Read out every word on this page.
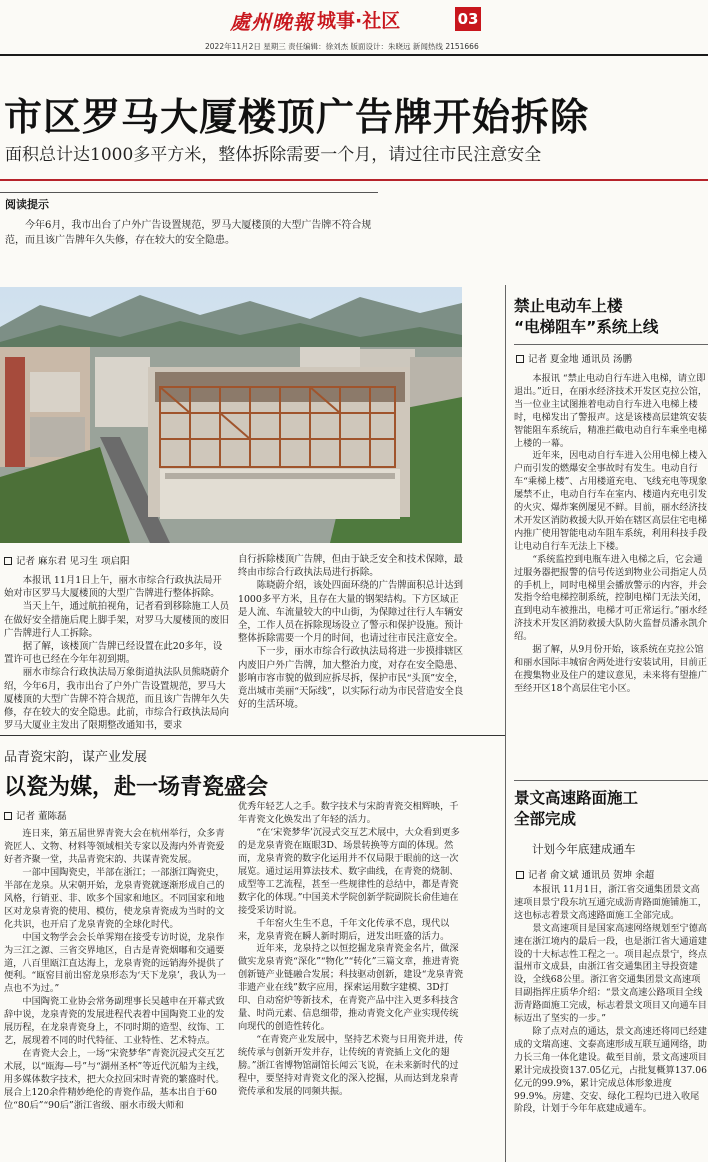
處州晚報 城事·社区	03
2022年11月2日 星期三 责任编辑：徐刘杰 版面设计：朱晓远 新闻热线 2151666
市区罗马大厦楼顶广告牌开始拆除
面积总计达1000多平方米，整体拆除需要一个月，请过往市民注意安全
阅读提示
今年6月，我市出台了户外广告设置规范，罗马大厦楼顶的大型广告牌不符合规范，而且该广告牌年久失修，存在较大的安全隐患。
记者 麻东君 见习生 项启阳

本报讯 11月1日上午，丽水市综合行政执法局开始对市区罗马大厦楼顶的大型广告牌进行整体拆除。

当天上午，通过航拍视角，记者看到移除施工人员在做好安全措施后爬上脚手架，对罗马大厦楼顶的废旧广告牌进行人工拆除。

据了解，该楼顶广告牌已经设置在此20多年，设置许可也已经在今年年初到期。

丽水市综合行政执法局万象街道执法队员熊晓蔚介绍，今年6月，我市出台了户外广告设置规范，罗马大厦楼顶的大型广告牌不符合规范，而且该广告牌年久失修，存在较大的安全隐患。此前，市综合行政执法局向罗马大厦业主发出了限期整改通知书，要求

自行拆除楼顶广告牌，但由于缺乏安全和技术保障，最终由市综合行政执法局进行拆除。

陈晓蔚介绍，该处四面环绕的广告牌面积总计达到1000多平方米，且存在大量的钢架结构。下方区域正是人流、车流量较大的中山街，为保障过往行人车辆安全，工作人员在拆除现场设立了警示和保护设施。预计整体拆除需要一个月的时间，也请过往市民注意安全。

下一步，丽水市综合行政执法局将进一步摸排辖区内废旧户外广告牌，加大整治力度，对存在安全隐患、影响市容市貌的做到应拆尽拆，保护市民“头顶”安全，竟出城市美丽“天际线”，以实际行动为市民营造安全良好的生活环境。

禁止电动车上楼
“电梯阻车”系统上线
记者 夏金地 通讯员 汤鹏

本报讯 “禁止电动自行车进入电梯，请立即退出。”近日，在丽水经济技术开发区克拉公馆，当一位业主试图推着电动自行车进入电梯上楼时，电梯发出了警报声。这是该楼高层建筑安装智能阻车系统后，精准拦截电动自行车乘坐电梯上楼的一幕。

近年来，因电动自行车进入公用电梯上楼入户而引发的燃爆安全事故时有发生。电动自行车“乘梯上楼”、占用楼道充电、飞线充电等现象屡禁不止，电动自行车在室内、楼道内充电引发的火灾、爆炸案例屡见不鲜。目前，丽水经济技术开发区消防救援大队开始在辖区高层住宅电梯内推广使用智能电动车阻车系统，利用科技手段让电动自行车无法上下楼。

“系统监控到电瓶车进入电梯之后，它会通过服务器把报警的信号传送到物业公司指定人员的手机上，同时电梯里会播放警示的内容，并会发指令给电梯控制系统，控制电梯门无法关闭，直到电动车被推出，电梯才可正常运行。”丽水经济技术开发区消防救援大队防火监督员潘永凯介绍。

据了解，从9月份开始，该系统在克拉公馆和丽水国际丰城宿舍两处进行安装试用，目前正在搜集物业及住户的建议意见，未来将有望推广至经开区18个高层住宅小区。

景文高速路面施工
全部完成
计划今年底建成通车
记者 俞文斌 通讯员 贺坤 余超

本报讯 11月1日，浙江省交通集团景文高速项目景宁段东坑互通完成沥青路面施铺施工，这也标志着景文高速路面施工全部完成。

景文高速项目是国家高速网络规划至宁德高速在浙江境内的最后一段，也是浙江省大通道建设的十大标志性工程之一。项目起点景宁，终点温州市文成县，由浙江省交通集团主导投资建设，全线68公里。浙江省交通集团景文高速项目副指挥庄质华介绍：“景文高速公路项目全线沥青路面施工完成，标志着景文项目又向通车目标迈出了坚实的一步。”

除了点对点的通达，景文高速还将同已经建成的文瑞高速、文泰高速形成互联互通网络，助力长三角一体化建设。截至目前，景文高速项目累计完成投资137.05亿元，占批复概算137.06亿元的99.9%，累计完成总体形象进度99.9%。房建、交安、绿化工程均已进入收尾阶段，计划于今年年底建成通车。

品青瓷宋韵，谋产业发展
以瓷为媒，赴一场青瓷盛会
记者 董陈磊

连日来，第五届世界青瓷大会在杭州举行，众多青瓷匠人、文物、材料等领域相关专家以及海内外青瓷爱好者齐聚一堂，共品青瓷宋韵、共谋青瓷发展。

一部中国陶瓷史，半部在浙江；一部浙江陶瓷史，半部在龙泉。从宋朝开始，龙泉青瓷就逐渐形成自己的风格，行销亚、非、欧多个国家和地区。不同国家和地区对龙泉青瓷的使用、模仿，使龙泉青瓷成为当时的文化共识，也开启了龙泉青瓷的全球化时代。

中国文物学会会长单霁翔在接受专访时说，龙泉作为三江之源、三省交界地区，自古是青瓷烟嘟和交通要道，八百里瓯江直达海上，龙泉青瓷的远销海外提供了便利。“瓯窑目前出窑龙泉形态为‘天下龙泉’，我认为一点也不为过。”

中国陶瓷工业协会常务副理事长吴越申在开幕式致辞中说，龙泉青瓷的发展进程代表着中国陶瓷工业的发展历程，在龙泉青瓷身上，不同时期的造型、纹饰、工艺，展现着不同的时代特征、工业特性、艺术特点。

在青瓷大会上，一场“宋瓷梦华”青瓷沉浸式交互艺术展，以“瓯海—号”与“湖州圣杯”等近代沉船为主线，用多媒体数字技术，把大众拉回宋时青瓷的繁盛时代。展合上120余件精妙绝伦的青瓷作品，基本出自于60位“80后”“90后”浙江省级、丽水市级大师和

优秀年轻艺人之手。数字技术与宋韵青瓷交相辉映，千年青瓷文化焕发出了年轻的活力。

“在‘宋瓷梦华’沉浸式交互艺术展中，大众看到更多的是龙泉青瓷在瓯眼3D、场景转换等方面的体现。然而，龙泉青瓷的数字化运用并不仅局限于眼前的这一次展览。通过运用算法技术、数字曲线，在青瓷的烧制、成型等工艺流程，甚至一些规律性的总结中，都是青瓷数字化的体现。”中国美术学院创新学院副院长俞佳迪在接受采访时说。

千年窑火生生不息，千年文化传承不息，现代以来，龙泉青瓷在瞬人新时期后，迸发出旺盛的活力。

近年来，龙泉持之以恒挖掘龙泉青瓷金名片，做深做实龙泉青瓷“深化”“物化”“转化”三篇文章，推进青瓷创新链产业链融合发展；科技驱动创新，建设“龙泉青瓷非遗产业在线”数字应用，探索运用数字建模、3D打印、自动窑炉等新技术，在青瓷产品中注入更多科技含量、时尚元素、信息细带，推动青瓷文化产业实现传统向现代的创造性转化。

“在青瓷产业发展中，坚持艺术瓷与日用瓷并进，传统传承与创新开发并存，让传统的青瓷插上文化的翅膀。”浙江省博物馆副馆长闻云飞说，在未来新时代的过程中，要坚持对青瓷文化的深入挖掘，从而达到龙泉青瓷传承和发展的同频共振。
